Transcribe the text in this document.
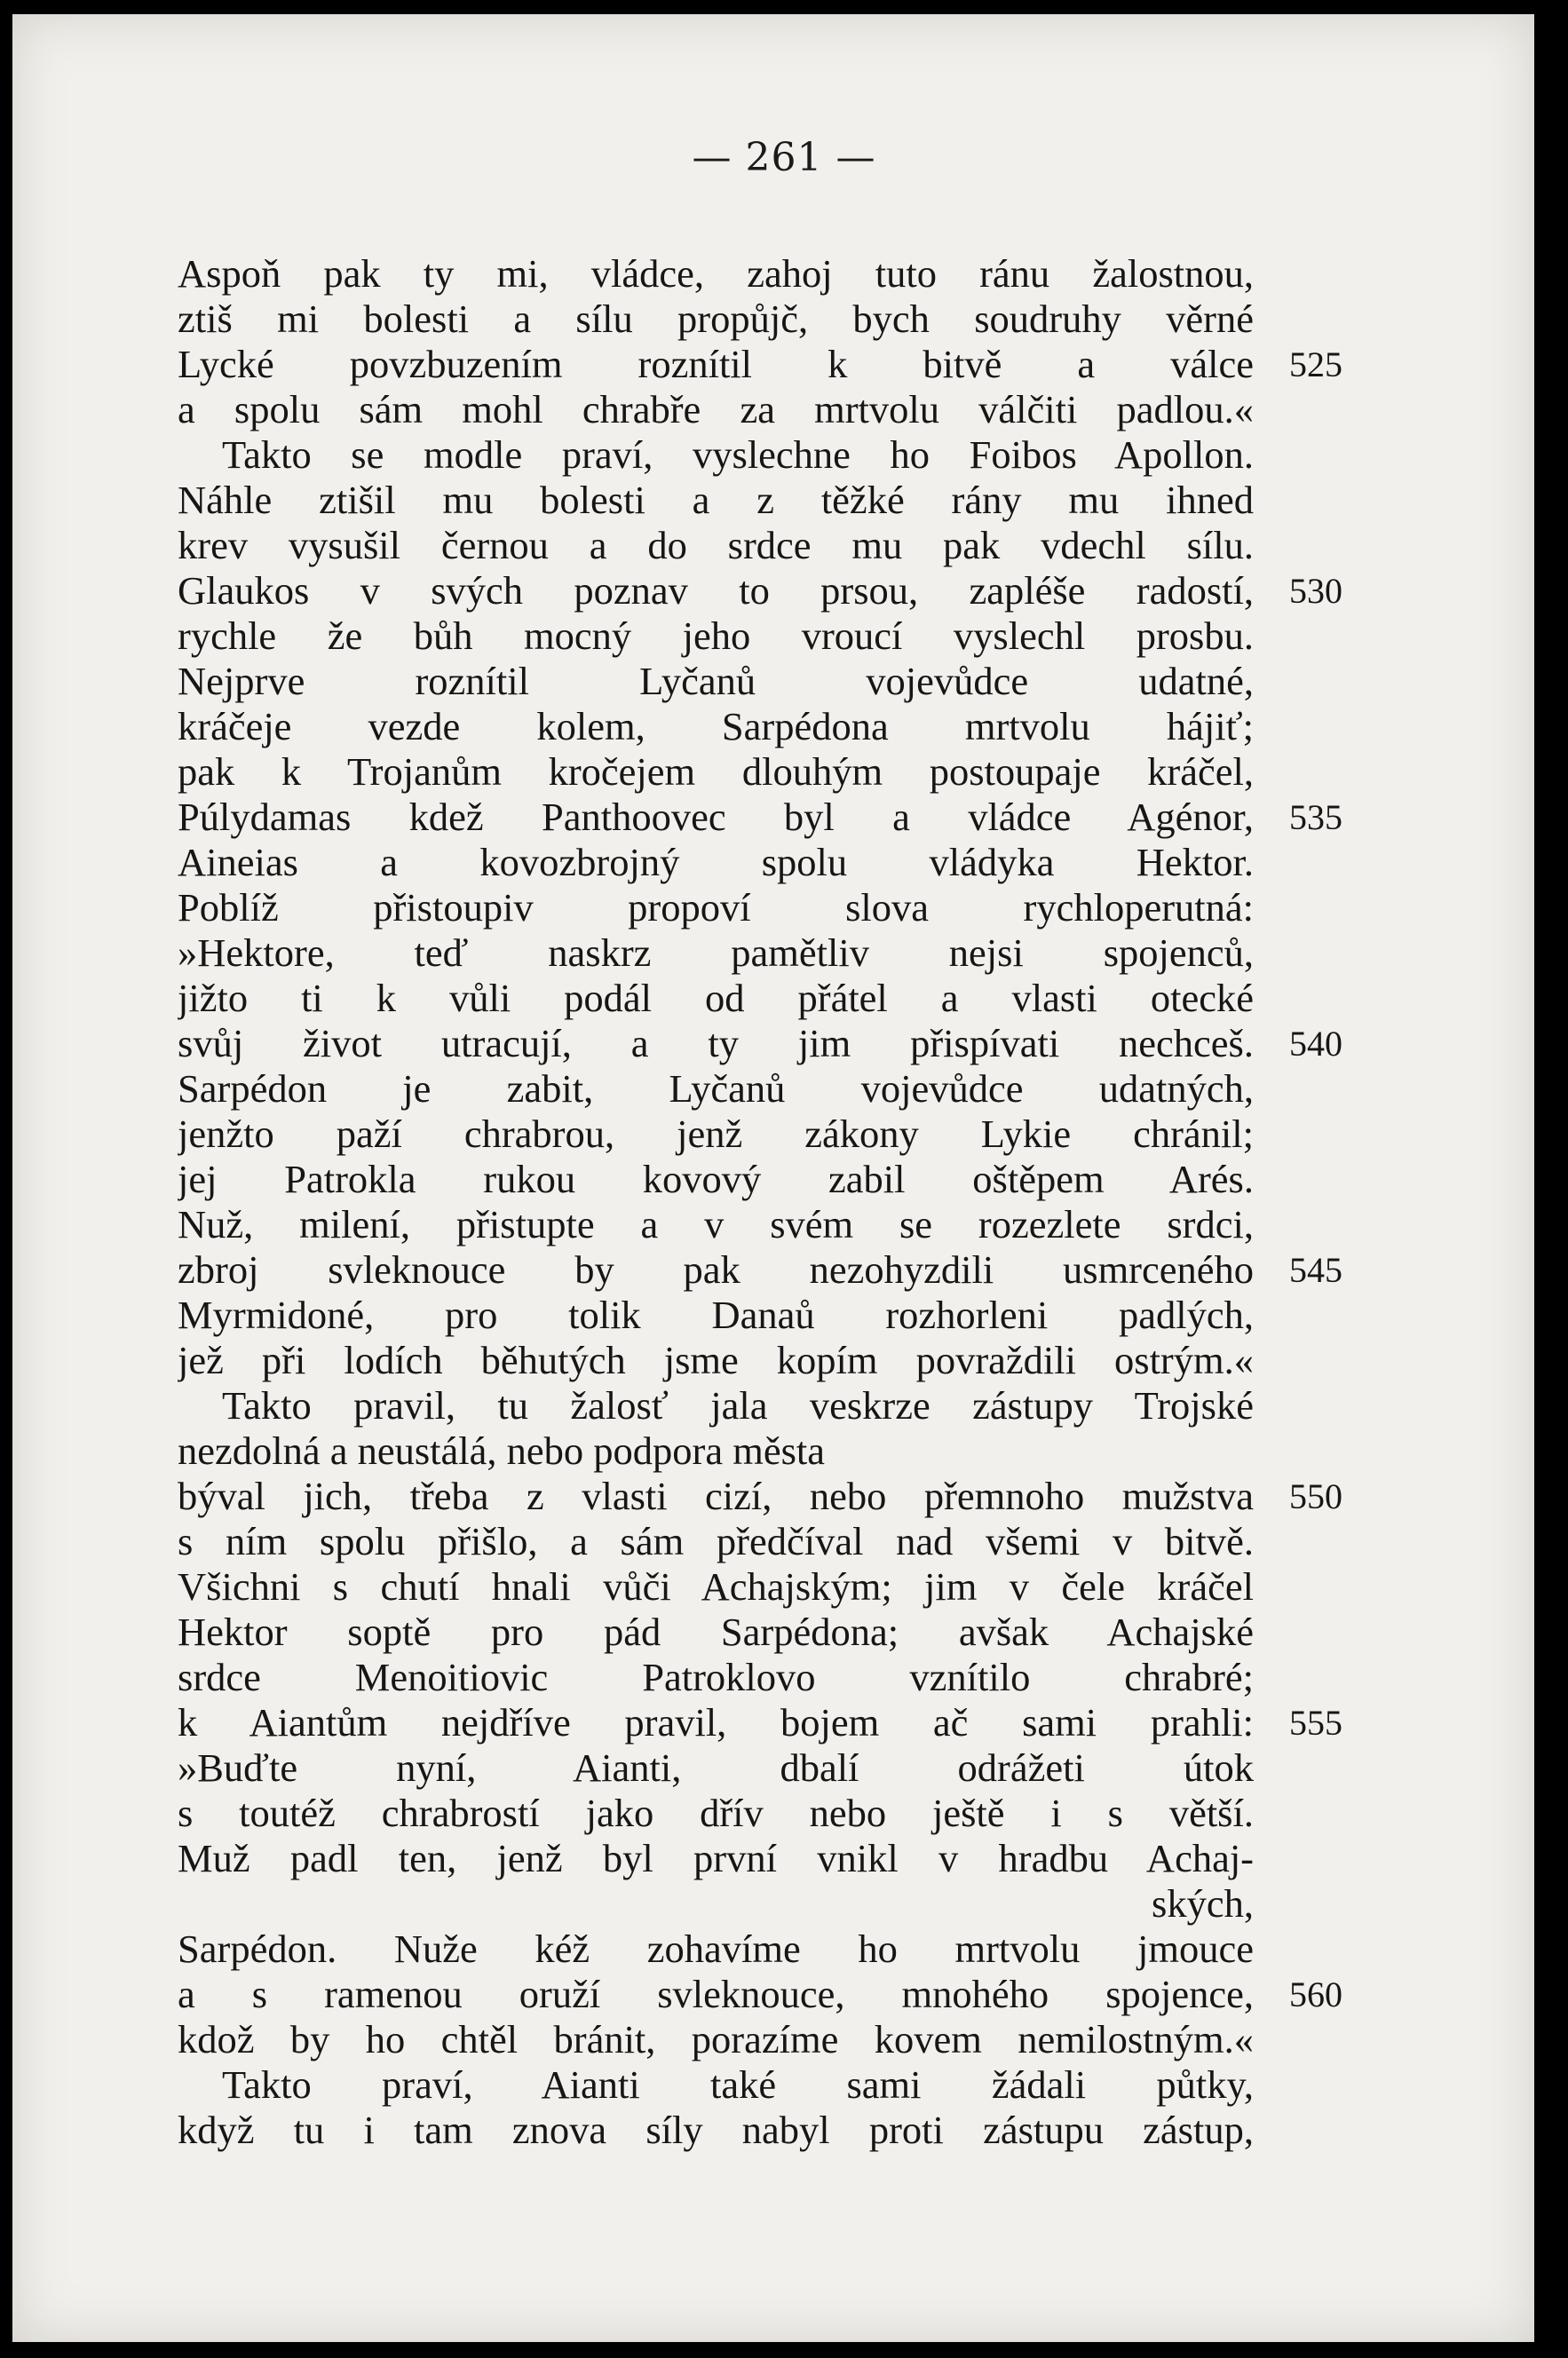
— 261 —
Aspoň pak ty mi, vládce, zahoj tuto ránu žalostnou,
ztiš mi bolesti a sílu propůjč, bych soudruhy věrné
Lycké povzbuzením roznítil k bitvě a válce	525
a spolu sám mohl chrabře za mrtvolu válčiti padlou.«
Takto se modle praví, vyslechne ho Foibos Apollon.
Náhle ztišil mu bolesti a z těžké rány mu ihned
krev vysušil černou a do srdce mu pak vdechl sílu.
Glaukos v svých poznav to prsou, zapléše radostí,	530
rychle že bůh mocný jeho vroucí vyslechl prosbu.
Nejprve roznítil Lyčanů vojevůdce udatné,
kráčeje vezde kolem, Sarpédona mrtvolu hájiť;
pak k Trojanům kročejem dlouhým postoupaje kráčel,
Púlydamas kdež Panthoovec byl a vládce Agénor,	535
Aineias a kovozbrojný spolu vládyka Hektor.
Poblíž přistoupiv propoví slova rychloperutná:
»Hektore, teď naskrz pamětliv nejsi spojenců,
jižto ti k vůli podál od přátel a vlasti otecké
svůj život utracují, a ty jim přispívati nechceš.	540
Sarpédon je zabit, Lyčanů vojevůdce udatných,
jenžto paží chrabrou, jenž zákony Lykie chránil;
jej Patrokla rukou kovový zabil oštěpem Arés.
Nuž, milení, přistupte a v svém se rozezlete srdci,
zbroj svleknouce by pak nezohyzdili usmrceného	545
Myrmidoné, pro tolik Danaů rozhorleni padlých,
jež při lodích běhutých jsme kopím povraždili ostrým.«
Takto pravil, tu žalosť jala veskrze zástupy Trojské
nezdolná a neustálá, nebo podpora města
býval jich, třeba z vlasti cizí, nebo přemnoho mužstva	550
s ním spolu přišlo, a sám předčíval nad všemi v bitvě.
Všichni s chutí hnali vůči Achajským; jim v čele kráčel
Hektor soptě pro pád Sarpédona; avšak Achajské
srdce Menoitiovic Patroklovo vznítilo chrabré;
k Aiantům nejdříve pravil, bojem ač sami prahli:	555
»Buďte nyní, Aianti, dbalí odrážeti útok
s toutéž chrabrostí jako dřív nebo ještě i s větší.
Muž padl ten, jenž byl první vnikl v hradbu Achaj-
ských,
Sarpédon. Nuže kéž zohavíme ho mrtvolu jmouce
a s ramenou oruží svleknouce, mnohého spojence,	560
kdož by ho chtěl bránit, porazíme kovem nemilostným.«
Takto praví, Aianti také sami žádali půtky,
když tu i tam znova síly nabyl proti zástupu zástup,
